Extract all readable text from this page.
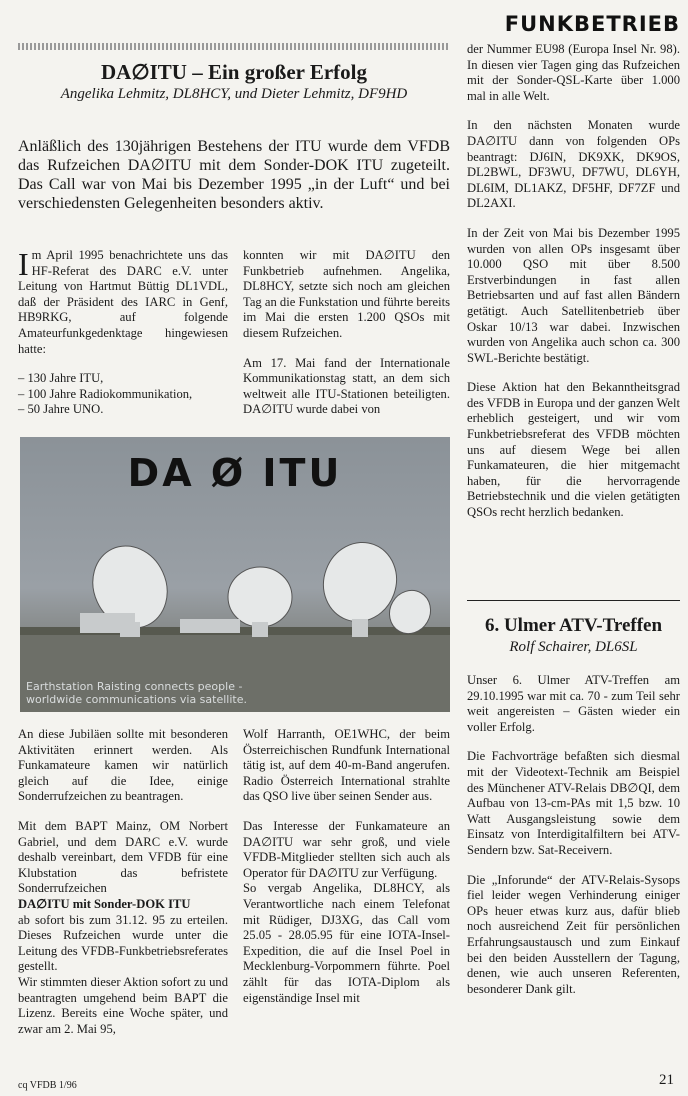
FUNKBETRIEB
DA∅ITU – Ein großer Erfolg
Angelika Lehmitz, DL8HCY, und Dieter Lehmitz, DF9HD
Anläßlich des 130jährigen Bestehens der ITU wurde dem VFDB das Rufzeichen DA∅ITU mit dem Sonder-DOK ITU zugeteilt. Das Call war von Mai bis Dezember 1995 „in der Luft“ und bei verschiedensten Gelegenheiten besonders aktiv.

Im April 1995 benachrichtete uns das HF-Referat des DARC e.V. unter Leitung von Hartmut Büttig DL1VDL, daß der Präsident des IARC in Genf, HB9RKG, auf folgende Amateurfunkgedenktage hingewiesen hatte:

– 130 Jahre ITU,
– 100 Jahre Radiokommunikation,
– 50 Jahre UNO.

konnten wir mit DA∅ITU den Funkbetrieb aufnehmen. Angelika, DL8HCY, setzte sich noch am gleichen Tag an die Funkstation und führte bereits im Mai die ersten 1.200 QSOs mit diesem Rufzeichen.

Am 17. Mai fand der Internationale Kommunikationstag statt, an dem sich weltweit alle ITU-Stationen beteiligten. DA∅ITU wurde dabei von

der Nummer EU98 (Europa Insel Nr. 98). In diesen vier Tagen ging das Rufzeichen mit der Sonder-QSL-Karte über 1.000 mal in alle Welt.

In den nächsten Monaten wurde DA∅ITU dann von folgenden OPs beantragt: DJ6IN, DK9XK, DK9OS, DL2BWL, DF3WU, DF7WU, DL6YH, DL6IM, DL1AKZ, DF5HF, DF7ZF und DL2AXI.

In der Zeit von Mai bis Dezember 1995 wurden von allen OPs insgesamt über 10.000 QSO mit über 8.500 Erstverbindungen in fast allen Betriebsarten und auf fast allen Bändern getätigt. Auch Satellitenbetrieb über Oskar 10/13 war dabei. Inzwischen wurden von Angelika auch schon ca. 300 SWL-Berichte bestätigt.

Diese Aktion hat den Bekanntheitsgrad des VFDB in Europa und der ganzen Welt erheblich gesteigert, und wir vom Funkbetriebsreferat des VFDB möchten uns auf diesem Wege bei allen Funkamateuren, die hier mitgemacht haben, für die hervorragende Betriebstechnik und die vielen getätigten QSOs recht herzlich bedanken.

DA Ø ITU
Earthstation Raisting connects people -
worldwide communications via satellite.
6. Ulmer ATV-Treffen
Rolf Schairer, DL6SL

An diese Jubiläen sollte mit besonderen Aktivitäten erinnert werden. Als Funkamateure kamen wir natürlich gleich auf die Idee, einige Sonderrufzeichen zu beantragen.

Mit dem BAPT Mainz, OM Norbert Gabriel, und dem DARC e.V. wurde deshalb vereinbart, dem VFDB für eine Klubstation das befristete Sonderrufzeichen

DA∅ITU mit Sonder-DOK ITU

ab sofort bis zum 31.12. 95 zu erteilen. Dieses Rufzeichen wurde unter die Leitung des VFDB-Funkbetriebsreferates gestellt.

Wir stimmten dieser Aktion sofort zu und beantragten umgehend beim BAPT die Lizenz. Bereits eine Woche später, und zwar am 2. Mai 95,

Wolf Harranth, OE1WHC, der beim Österreichischen Rundfunk International tätig ist, auf dem 40-m-Band angerufen. Radio Österreich International strahlte das QSO live über seinen Sender aus.

Das Interesse der Funkamateure an DA∅ITU war sehr groß, und viele VFDB-Mitglieder stellten sich auch als Operator für DA∅ITU zur Verfügung.

So vergab Angelika, DL8HCY, als Verantwortliche nach einem Telefonat mit Rüdiger, DJ3XG, das Call vom 25.05 - 28.05.95 für eine IOTA-Insel-Expedition, die auf die Insel Poel in Mecklenburg-Vorpommern führte. Poel zählt für das IOTA-Diplom als eigenständige Insel mit

Unser 6. Ulmer ATV-Treffen am 29.10.1995 war mit ca. 70 - zum Teil sehr weit angereisten – Gästen wieder ein voller Erfolg.

Die Fachvorträge befaßten sich diesmal mit der Videotext-Technik am Beispiel des Münchener ATV-Relais DB∅QI, dem Aufbau von 13-cm-PAs mit 1,5 bzw. 10 Watt Ausgangsleistung sowie dem Einsatz von Interdigitalfiltern bei ATV-Sendern bzw. Sat-Receivern.

Die „Inforunde“ der ATV-Relais-Sysops fiel leider wegen Verhinderung einiger OPs heuer etwas kurz aus, dafür blieb noch ausreichend Zeit für persönlichen Erfahrungsaustausch und zum Einkauf bei den beiden Ausstellern der Tagung, denen, wie auch unseren Referenten, besonderer Dank gilt.

cq VFDB 1/96	21
